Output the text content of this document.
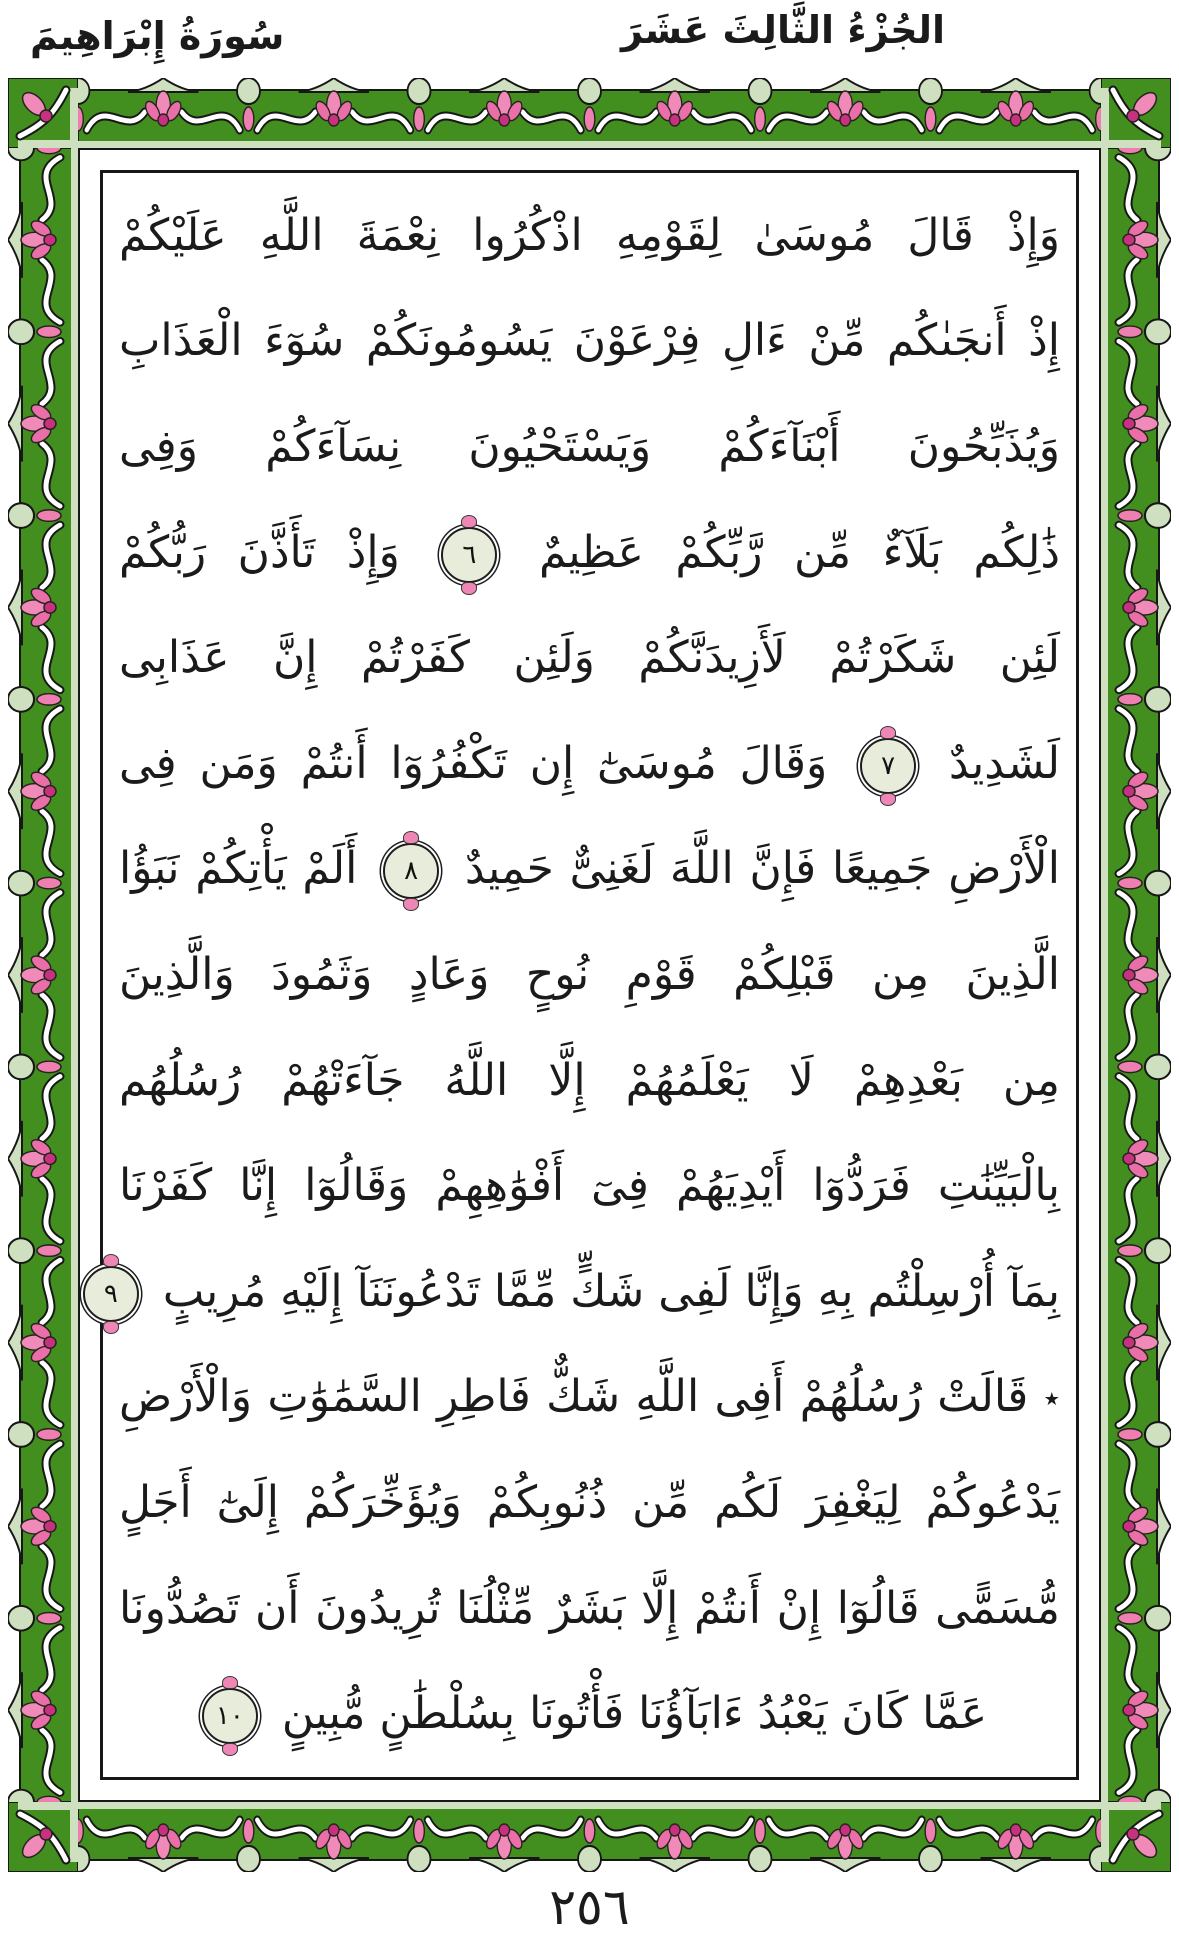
الجُزْءُ الثَّالِثَ عَشَرَ
سُورَةُ إِبْرَاهِيمَ
وَإِذْ قَالَ مُوسَىٰ لِقَوْمِهِ اذْكُرُوا نِعْمَةَ اللَّهِ عَلَيْكُمْ
إِذْ أَنجَىٰكُم مِّنْ ءَالِ فِرْعَوْنَ يَسُومُونَكُمْ سُوٓءَ الْعَذَابِ
وَيُذَبِّحُونَ أَبْنَآءَكُمْ وَيَسْتَحْيُونَ نِسَآءَكُمْ وَفِى
ذَٰلِكُم بَلَآءٌ مِّن رَّبِّكُمْ عَظِيمٌ
٦
وَإِذْ تَأَذَّنَ رَبُّكُمْ
لَئِن شَكَرْتُمْ لَأَزِيدَنَّكُمْ وَلَئِن كَفَرْتُمْ إِنَّ عَذَابِى
لَشَدِيدٌ
٧
وَقَالَ مُوسَىٰٓ إِن تَكْفُرُوٓا أَنتُمْ وَمَن فِى
الْأَرْضِ جَمِيعًا فَإِنَّ اللَّهَ لَغَنِىٌّ حَمِيدٌ
٨
أَلَمْ يَأْتِكُمْ نَبَؤُا
الَّذِينَ مِن قَبْلِكُمْ قَوْمِ نُوحٍ وَعَادٍ وَثَمُودَ وَالَّذِينَ
مِن بَعْدِهِمْ لَا يَعْلَمُهُمْ إِلَّا اللَّهُ جَآءَتْهُمْ رُسُلُهُم
بِالْبَيِّنَٰتِ فَرَدُّوٓا أَيْدِيَهُمْ فِىٓ أَفْوَٰهِهِمْ وَقَالُوٓا إِنَّا كَفَرْنَا
بِمَآ أُرْسِلْتُم بِهِ وَإِنَّا لَفِى شَكٍّ مِّمَّا تَدْعُونَنَآ إِلَيْهِ مُرِيبٍ
٩
٭ قَالَتْ رُسُلُهُمْ أَفِى اللَّهِ شَكٌّ فَاطِرِ السَّمَٰوَٰتِ وَالْأَرْضِ
يَدْعُوكُمْ لِيَغْفِرَ لَكُم مِّن ذُنُوبِكُمْ وَيُؤَخِّرَكُمْ إِلَىٰٓ أَجَلٍ
مُّسَمًّى قَالُوٓا إِنْ أَنتُمْ إِلَّا بَشَرٌ مِّثْلُنَا تُرِيدُونَ أَن تَصُدُّونَا
عَمَّا كَانَ يَعْبُدُ ءَابَآؤُنَا فَأْتُونَا بِسُلْطَٰنٍ مُّبِينٍ
١٠
٢٥٦
